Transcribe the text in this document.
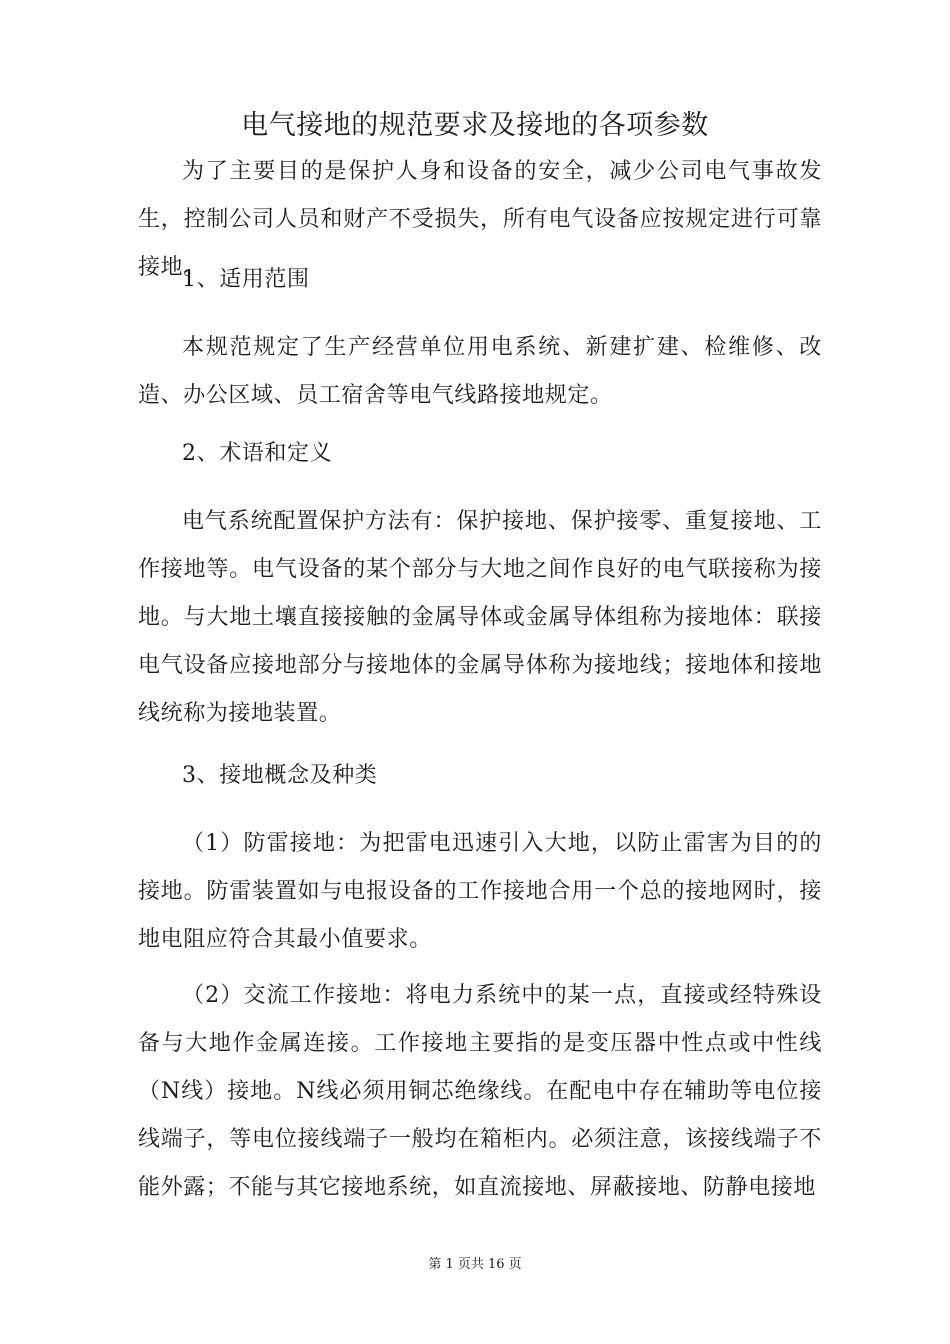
电气接地的规范要求及接地的各项参数

为了主要目的是保护人身和设备的安全，减少公司电气事故发生，控制公司人员和财产不受损失，所有电气设备应按规定进行可靠接地。

1、适用范围

本规范规定了生产经营单位用电系统、新建扩建、检维修、改造、办公区域、员工宿舍等电气线路接地规定。

2、术语和定义

电气系统配置保护方法有：保护接地、保护接零、重复接地、工作接地等。电气设备的某个部分与大地之间作良好的电气联接称为接地。与大地土壤直接接触的金属导体或金属导体组称为接地体：联接电气设备应接地部分与接地体的金属导体称为接地线；接地体和接地线统称为接地装置。

3、接地概念及种类

（1）防雷接地：为把雷电迅速引入大地，以防止雷害为目的的接地。防雷装置如与电报设备的工作接地合用一个总的接地网时，接地电阻应符合其最小值要求。

（2）交流工作接地：将电力系统中的某一点，直接或经特殊设备与大地作金属连接。工作接地主要指的是变压器中性点或中性线（N线）接地。N线必须用铜芯绝缘线。在配电中存在辅助等电位接线端子，等电位接线端子一般均在箱柜内。必须注意，该接线端子不能外露；不能与其它接地系统，如直流接地、屏蔽接地、防静电接地

第 1 页共 16 页
